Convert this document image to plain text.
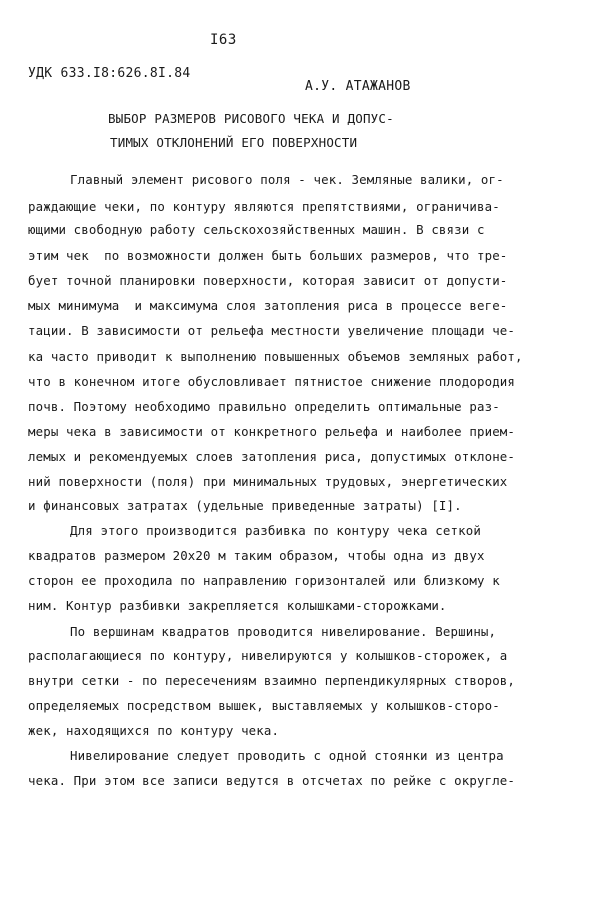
I63
УДК 633.I8:626.8I.84
А.У. АТАЖАНОВ
ВЫБОР РАЗМЕРОВ РИСОВОГО ЧЕКА И ДОПУС-
ТИМЫХ ОТКЛОНЕНИЙ ЕГО ПОВЕРХНОСТИ
Главный элемент рисового поля - чек. Земляные валики, ог-
раждающие чеки, по контуру являются препятствиями, ограничива-
ющими свободную работу сельскохозяйственных машин. В связи с
этим чек  по возможности должен быть больших размеров, что тре-
бует точной планировки поверхности, которая зависит от допусти-
мых минимума  и максимума слоя затопления риса в процессе веге-
тации. В зависимости от рельефа местности увеличение площади че-
ка часто приводит к выполнению повышенных объемов земляных работ,
что в конечном итоге обусловливает пятнистое снижение плодородия
почв. Поэтому необходимо правильно определить оптимальные раз-
меры чека в зависимости от конкретного рельефа и наиболее прием-
лемых и рекомендуемых слоев затопления риса, допустимых отклоне-
ний поверхности (поля) при минимальных трудовых, энергетических
и финансовых затратах (удельные приведенные затраты) [I].
Для этого производится разбивка по контуру чека сеткой
квадратов размером 20х20 м таким образом, чтобы одна из двух
сторон ее проходила по направлению горизонталей или близкому к
ним. Контур разбивки закрепляется колышками-сторожками.
По вершинам квадратов проводится нивелирование. Вершины,
располагающиеся по контуру, нивелируются у колышков-сторожек, а
внутри сетки - по пересечениям взаимно перпендикулярных створов,
определяемых посредством вышек, выставляемых у колышков-сторо-
жек, находящихся по контуру чека.
Нивелирование следует проводить с одной стоянки из центра
чека. При этом все записи ведутся в отсчетах по рейке с округле-
